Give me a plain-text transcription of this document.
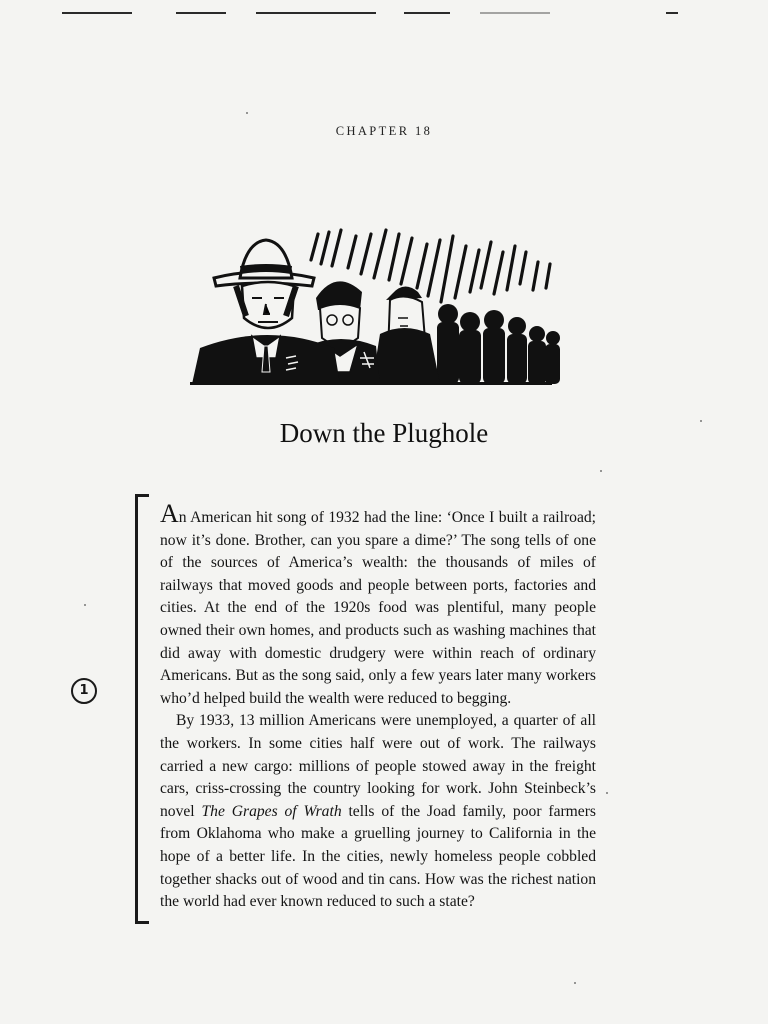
CHAPTER 18
Down the Plughole
1

An American hit song of 1932 had the line: ‘Once I built a railroad; now it’s done. Brother, can you spare a dime?’ The song tells of one of the sources of America’s wealth: the thousands of miles of railways that moved goods and people between ports, factories and cities. At the end of the 1920s food was plentiful, many people owned their own homes, and products such as washing machines that did away with domestic drudgery were within reach of ordinary Americans. But as the song said, only a few years later many workers who’d helped build the wealth were reduced to begging.

By 1933, 13 million Americans were unemployed, a quarter of all the workers. In some cities half were out of work. The railways carried a new cargo: millions of people stowed away in the freight cars, criss-crossing the country looking for work. John Steinbeck’s novel The Grapes of Wrath tells of the Joad family, poor farmers from Oklahoma who make a gruelling journey to California in the hope of a better life. In the cities, newly homeless people cobbled together shacks out of wood and tin cans. How was the richest nation the world had ever known reduced to such a state?
